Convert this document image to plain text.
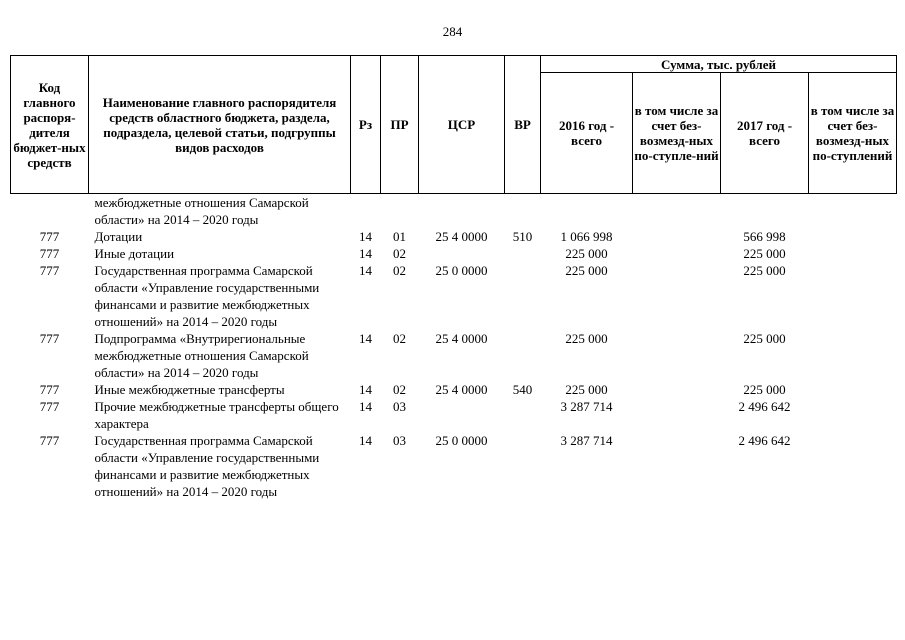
284
Код главного распоря-дителя бюджет-ных средств	Наименование главного распорядителя средств областного бюджета, раздела, подраздела, целевой статьи, подгруппы видов расходов	Рз	ПР	ЦСР	ВР	Сумма, тыс. рублей			
						2016 год - всего	в том числе за счет без-возмезд-ных по-ступле-ний	2017 год - всего	в том числе за счет без-возмезд-ных по-ступлений
	межбюджетные отношения Самарской области» на 2014 – 2020 годы								
777	Дотации	14	01	25 4 0000	510	1 066 998		566 998	
777	Иные дотации	14	02			225 000		225 000	
777	Государственная программа Самарской области «Управление государственными финансами и развитие межбюджетных отношений» на 2014 – 2020 годы	14	02	25 0 0000		225 000		225 000	
777	Подпрограмма «Внутрирегиональные межбюджетные отношения Самарской области» на 2014 – 2020 годы	14	02	25 4 0000		225 000		225 000	
777	Иные межбюджетные трансферты	14	02	25 4 0000	540	225 000		225 000	
777	Прочие межбюджетные трансферты общего характера	14	03			3 287 714		2 496 642	
777	Государственная программа Самарской области «Управление государственными финансами и развитие межбюджетных отношений» на 2014 – 2020 годы	14	03	25 0 0000		3 287 714		2 496 642	
